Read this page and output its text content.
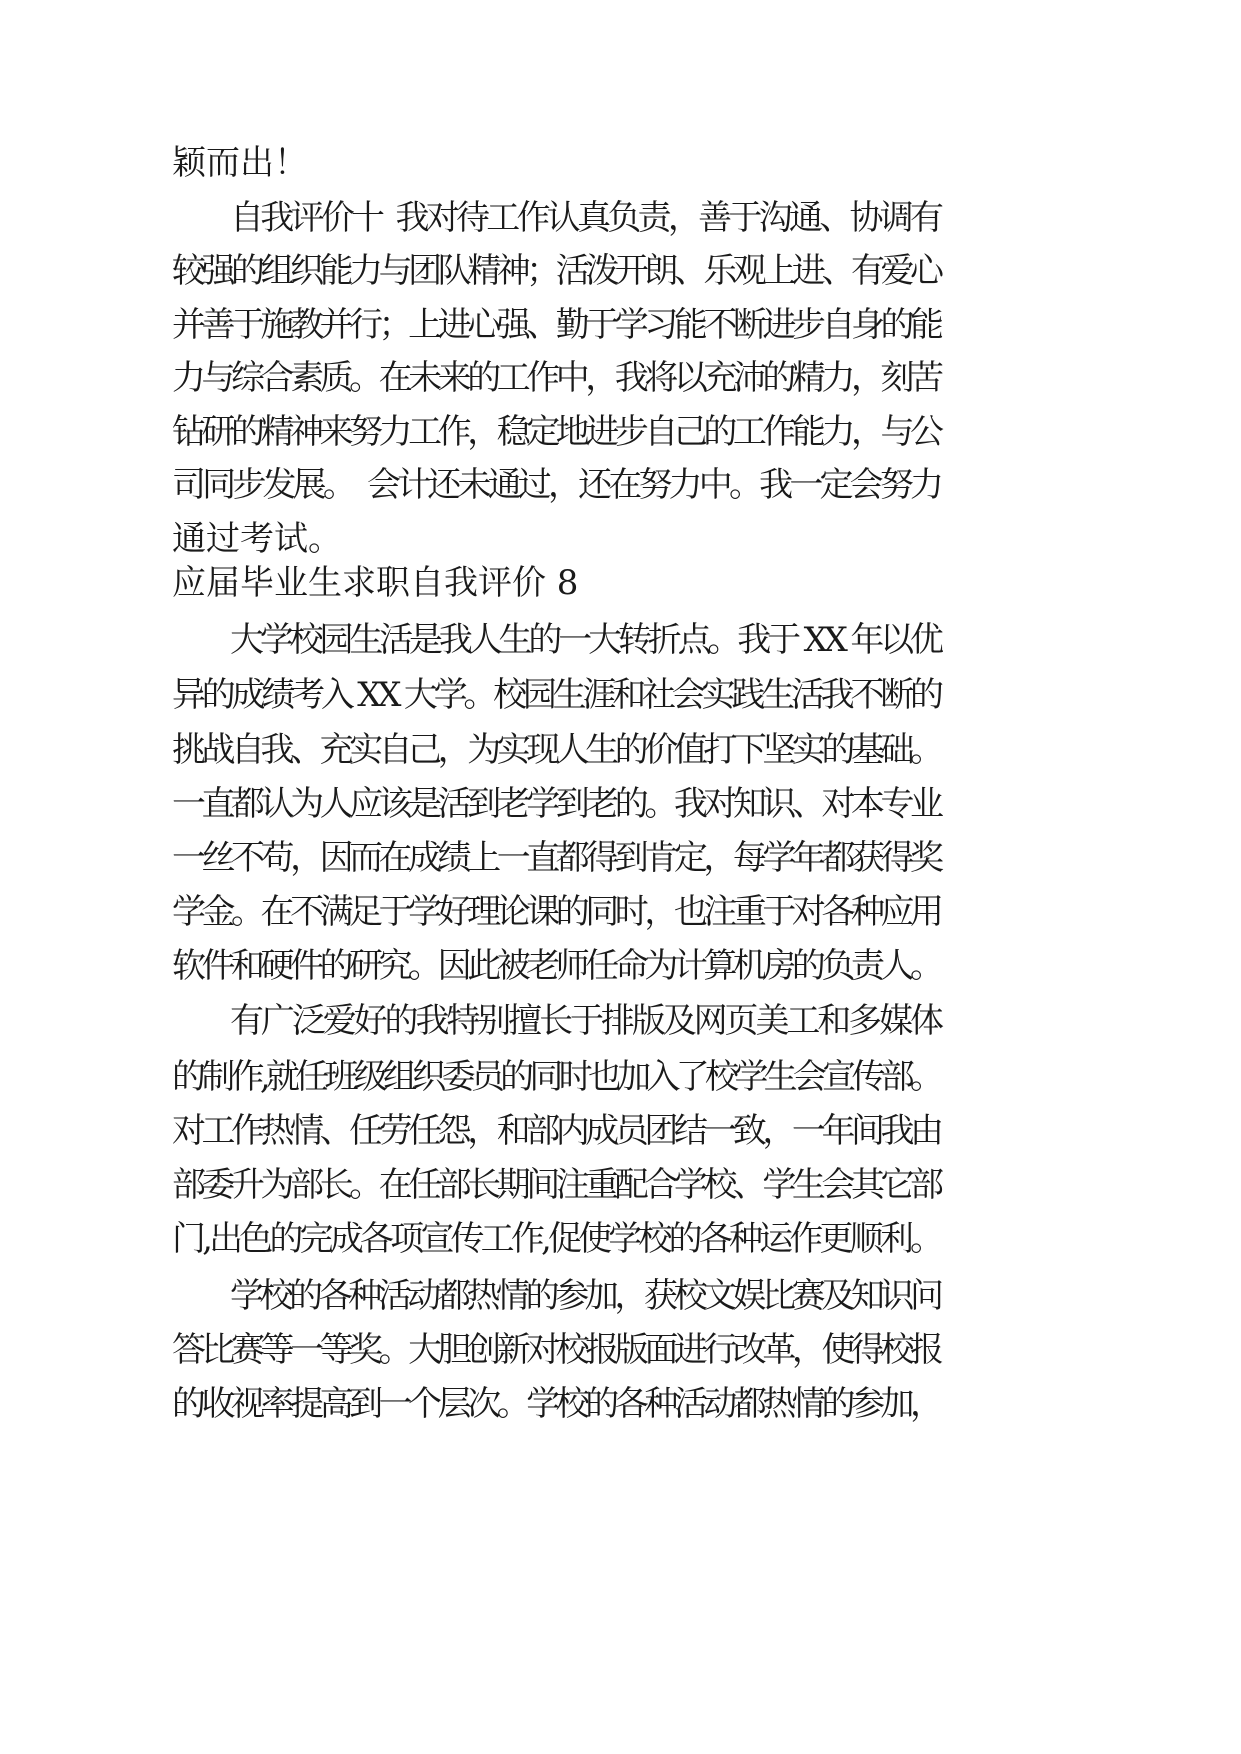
颖而出！

自我评价十  我对待工作认真负责，善于沟通、协调有

较强的组织能力与团队精神；活泼开朗、乐观上进、有爱心

并善于施教并行；上进心强、勤于学习能不断进步自身的能

力与综合素质。在未来的工作中，我将以充沛的精力，刻苦

钻研的精神来努力工作，稳定地进步自己的工作能力，与公

司同步发展。  会计还未通过，还在努力中。我一定会努力

通过考试。

应届毕业生求职自我评价 8

大学校园生活是我人生的一大转折点。我于 XX 年以优

异的成绩考入 XX 大学。校园生涯和社会实践生活我不断的

挑战自我、充实自己，为实现人生的价值打下坚实的基础。

一直都认为人应该是活到老学到老的。我对知识、对本专业

一丝不苟，因而在成绩上一直都得到肯定，每学年都获得奖

学金。在不满足于学好理论课的同时，也注重于对各种应用

软件和硬件的研究。因此被老师任命为计算机房的负责人。

有广泛爱好的我特别擅长于排版及网页美工和多媒体

的制作,就任班级组织委员的同时也加入了校学生会宣传部。

对工作热情、任劳任怨，和部内成员团结一致，一年间我由

部委升为部长。在任部长期间注重配合学校、学生会其它部

门,出色的完成各项宣传工作,促使学校的各种运作更顺利。

学校的各种活动都热情的参加，获校文娱比赛及知识问

答比赛等一等奖。大胆创新对校报版面进行改革，使得校报

的收视率提高到一个层次。学校的各种活动都热情的参加，
